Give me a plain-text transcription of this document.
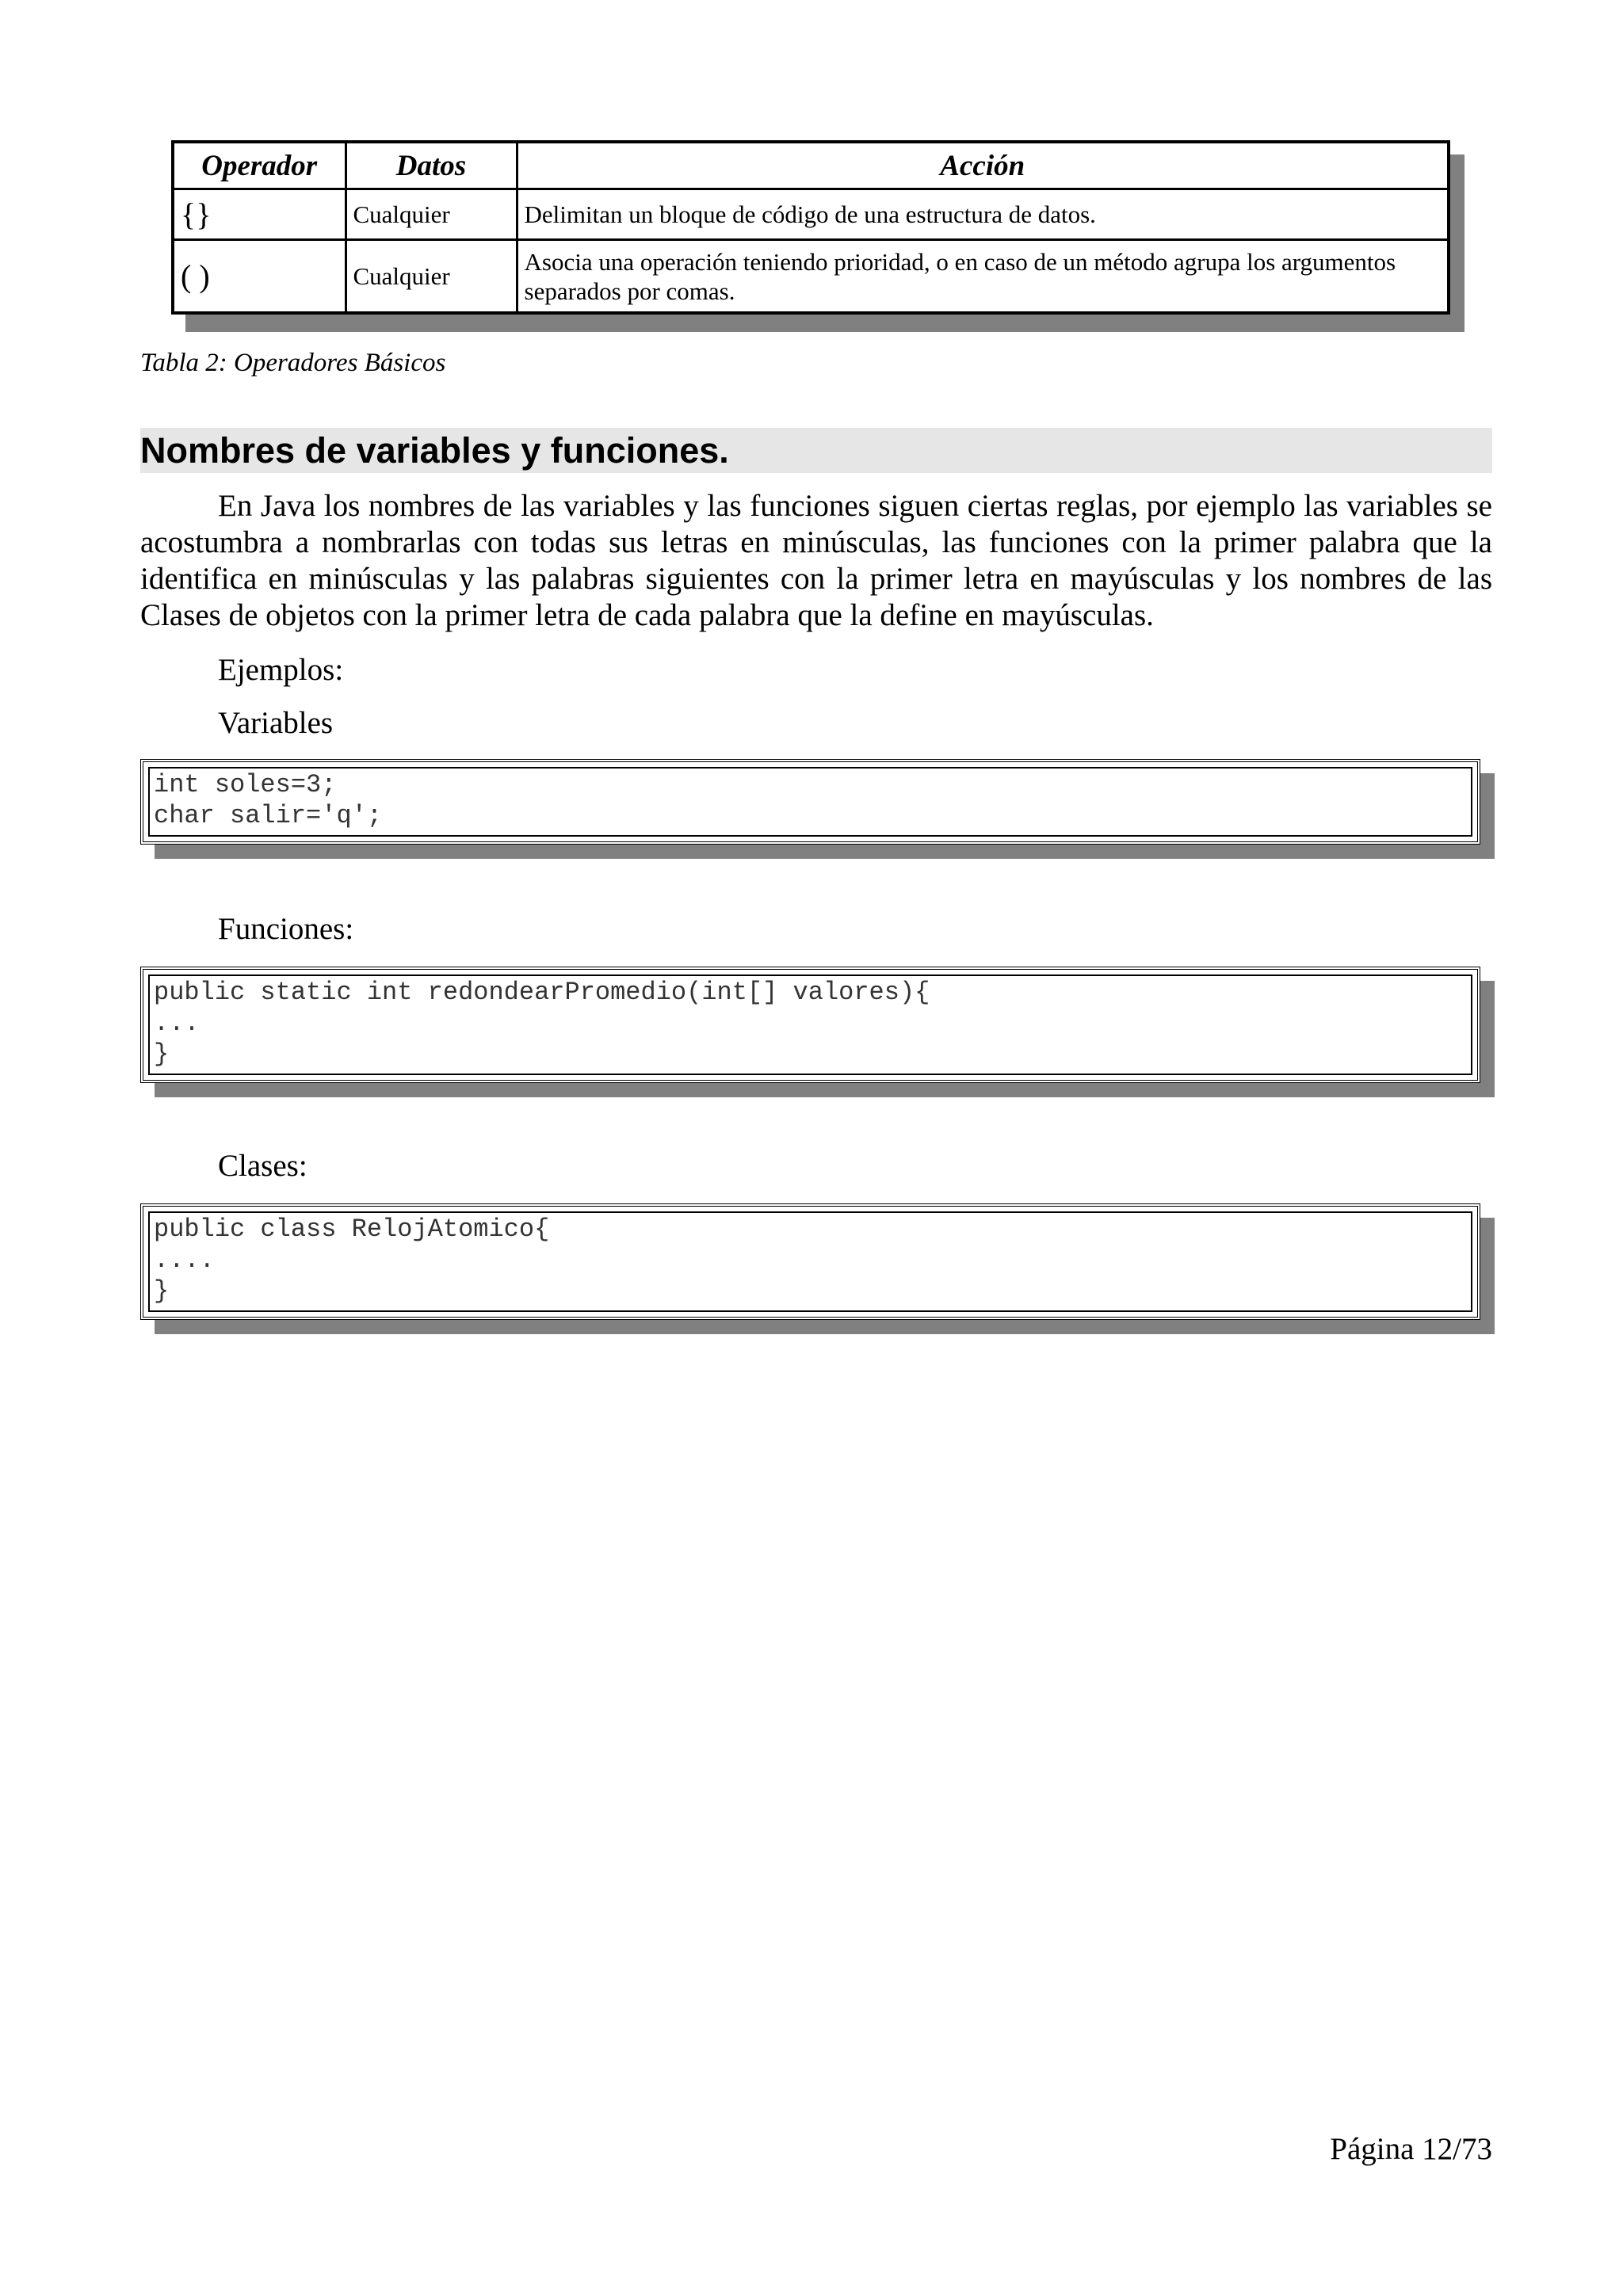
Operador	Datos	Acción
{}	Cualquier	Delimitan un bloque de código de una estructura de datos.
( )	Cualquier	Asocia una operación teniendo prioridad, o en caso de un método agrupa los argumentos separados por comas.
Tabla 2: Operadores Básicos
Nombres de variables y funciones.
En Java los nombres de las variables y las funciones siguen ciertas reglas, por ejemplo las variables se acostumbra a nombrarlas con todas sus letras en minúsculas, las funciones con la primer palabra que la identifica en minúsculas y las palabras siguientes con la primer letra en mayúsculas y los nombres de las Clases de objetos con la primer letra de cada palabra que la define en mayúsculas.
Ejemplos:
Variables
int soles=3;
char salir='q';
Funciones:
public static int redondearPromedio(int[] valores){
...
}
Clases:
public class RelojAtomico{
....
}
Página 12/73
